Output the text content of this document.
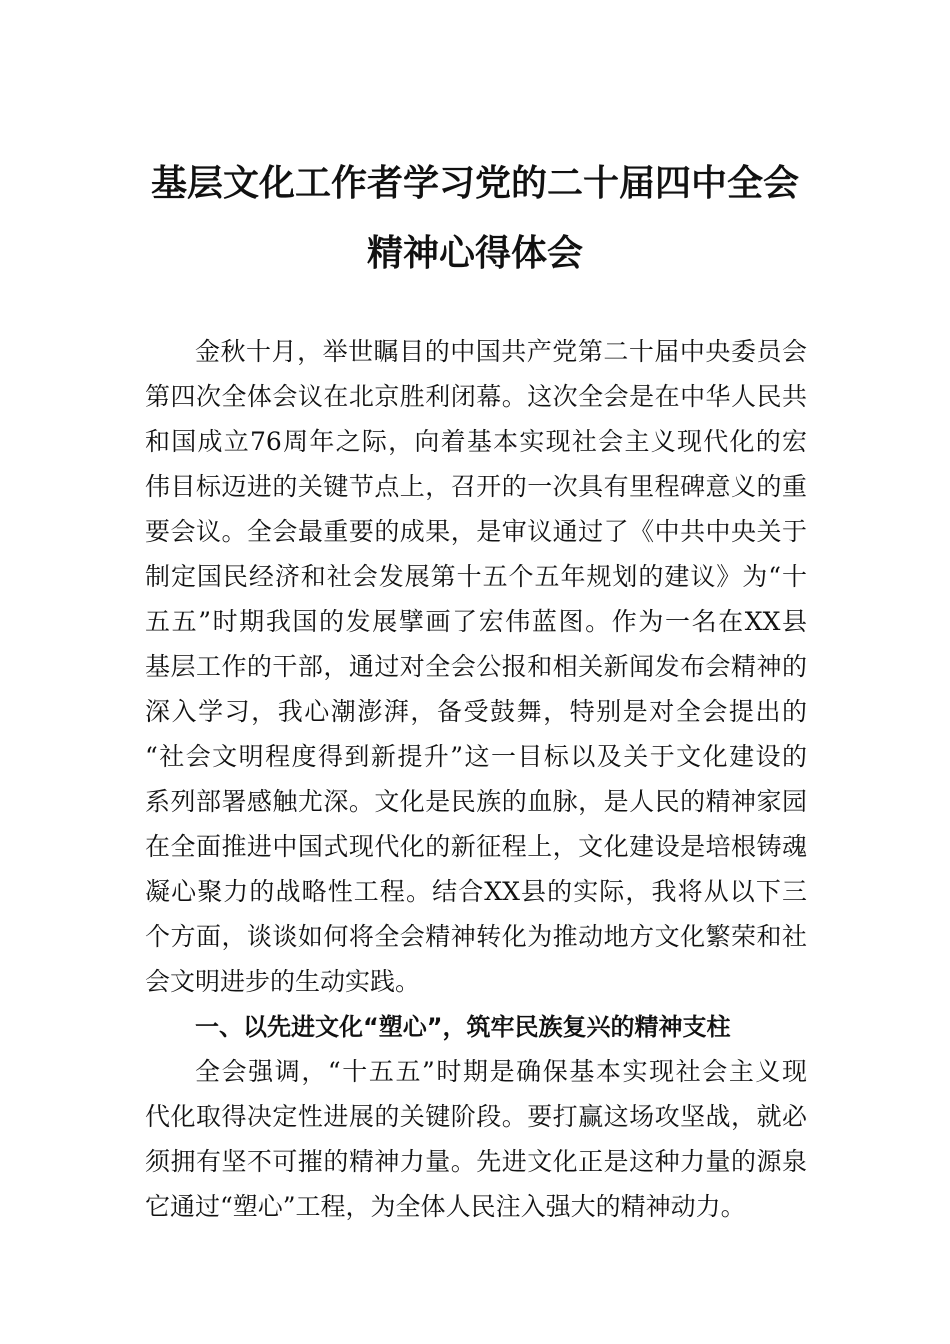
基层文化工作者学习党的二十届四中全会
精神心得体会
金秋十月，举世瞩目的中国共产党第二十届中央委员会
第四次全体会议在北京胜利闭幕。这次全会是在中华人民共
和国成立76周年之际，向着基本实现社会主义现代化的宏
伟目标迈进的关键节点上，召开的一次具有里程碑意义的重
要会议。全会最重要的成果，是审议通过了《中共中央关于
制定国民经济和社会发展第十五个五年规划的建议》为“十
五五”时期我国的发展擘画了宏伟蓝图。作为一名在XX县
基层工作的干部，通过对全会公报和相关新闻发布会精神的
深入学习，我心潮澎湃，备受鼓舞，特别是对全会提出的
“社会文明程度得到新提升”这一目标以及关于文化建设的
系列部署感触尤深。文化是民族的血脉，是人民的精神家园
在全面推进中国式现代化的新征程上，文化建设是培根铸魂
凝心聚力的战略性工程。结合XX县的实际，我将从以下三
个方面，谈谈如何将全会精神转化为推动地方文化繁荣和社
会文明进步的生动实践。
一、以先进文化“塑心”，筑牢民族复兴的精神支柱
全会强调，“十五五”时期是确保基本实现社会主义现
代化取得决定性进展的关键阶段。要打赢这场攻坚战，就必
须拥有坚不可摧的精神力量。先进文化正是这种力量的源泉
它通过“塑心”工程，为全体人民注入强大的精神动力。
